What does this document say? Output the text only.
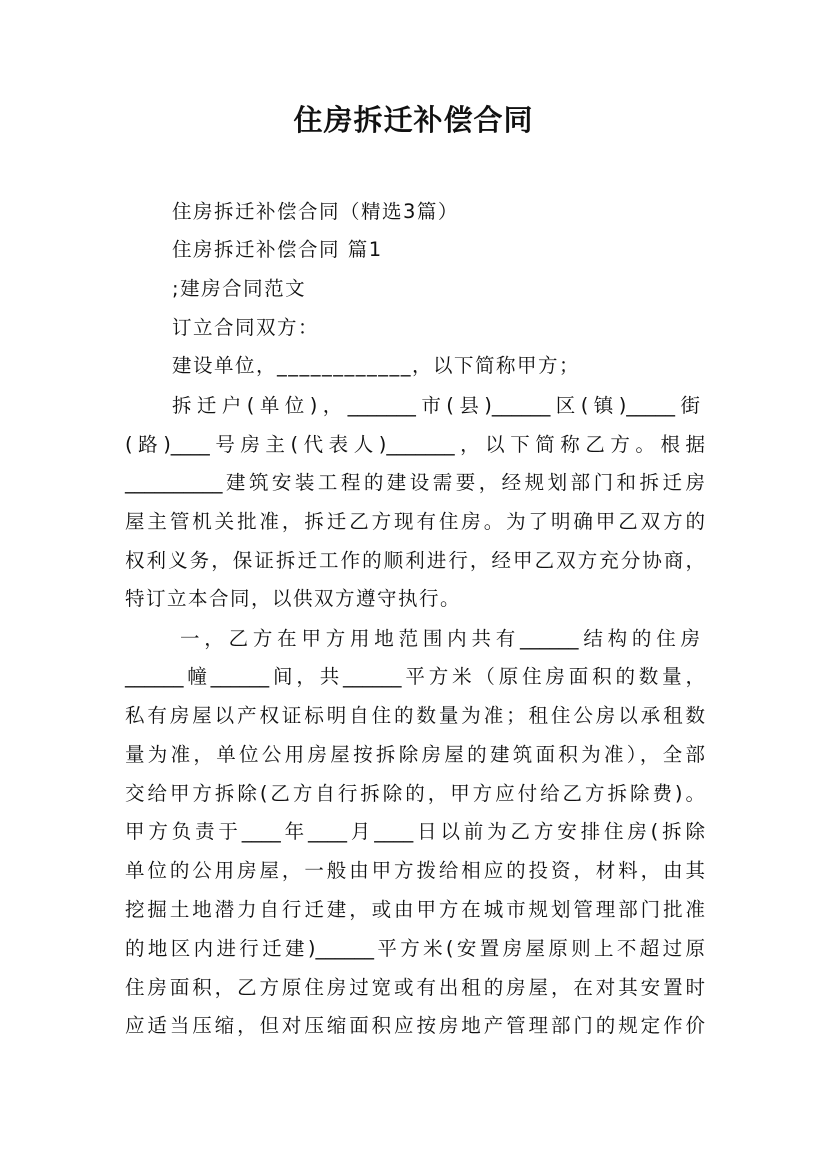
住房拆迁补偿合同
住房拆迁补偿合同（精选3篇）
住房拆迁补偿合同 篇1
;建房合同范文
订立合同双方：
建设单位，____________，以下简称甲方；
拆迁户(单位)，_______市(县)______区(镇)_____街
(路)____号房主(代表人)_______，以下简称乙方。根据
__________建筑安装工程的建设需要，经规划部门和拆迁房
屋主管机关批准，拆迁乙方现有住房。为了明确甲乙双方的
权利义务，保证拆迁工作的顺利进行，经甲乙双方充分协商，
特订立本合同，以供双方遵守执行。
一，乙方在甲方用地范围内共有______结构的住房
______幢______间，共______平方米（原住房面积的数量，
私有房屋以产权证标明自住的数量为准；租住公房以承租数
量为准，单位公用房屋按拆除房屋的建筑面积为准），全部
交给甲方拆除(乙方自行拆除的，甲方应付给乙方拆除费)。
甲方负责于____年____月____日以前为乙方安排住房(拆除
单位的公用房屋，一般由甲方拨给相应的投资，材料，由其
挖掘土地潜力自行迁建，或由甲方在城市规划管理部门批准
的地区内进行迁建)______平方米(安置房屋原则上不超过原
住房面积，乙方原住房过宽或有出租的房屋，在对其安置时
应适当压缩，但对压缩面积应按房地产管理部门的规定作价
